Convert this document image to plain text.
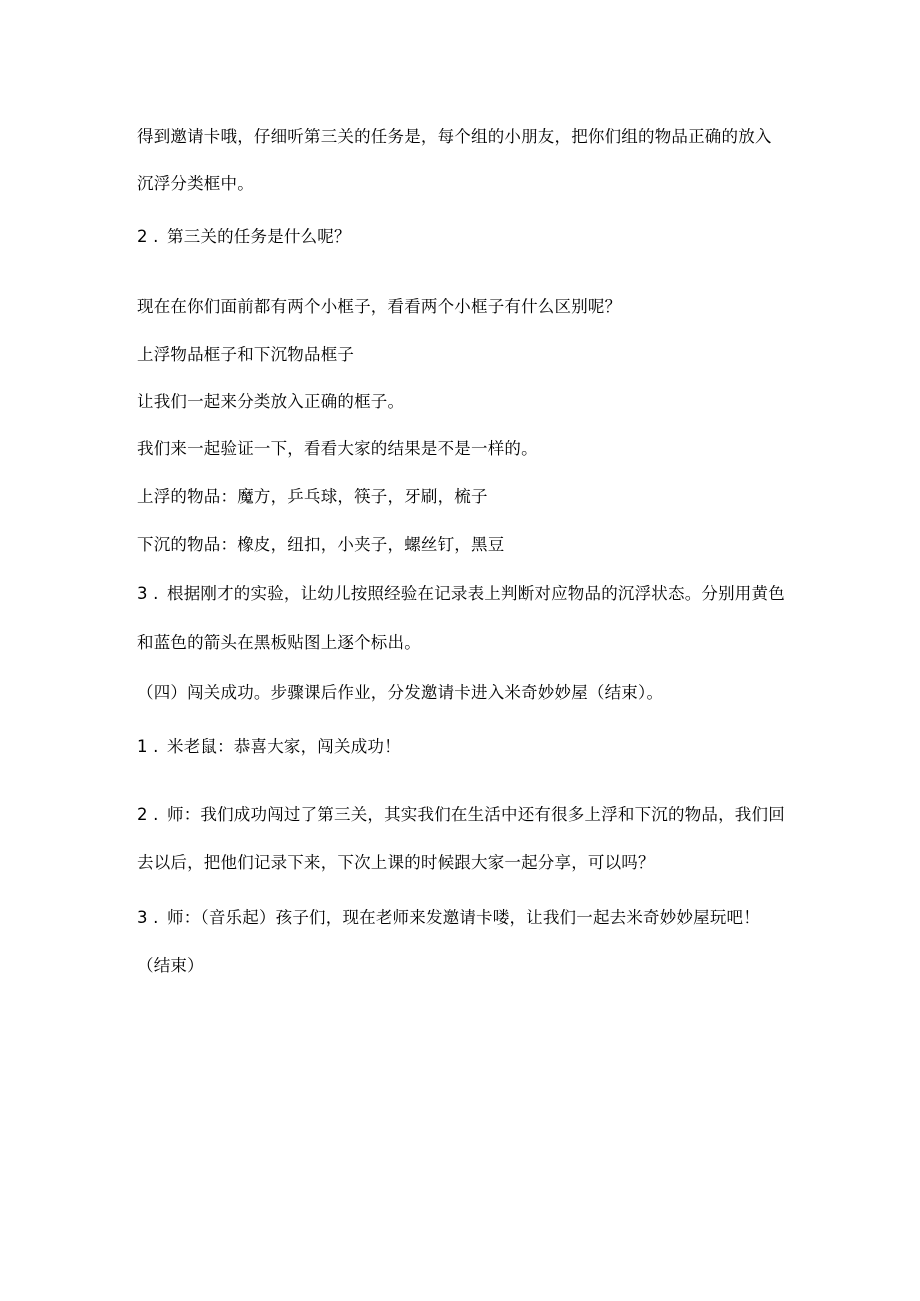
得到邀请卡哦，仔细听第三关的任务是，每个组的小朋友，把你们组的物品正确的放入
沉浮分类框中。
2 . 第三关的任务是什么呢？
现在在你们面前都有两个小框子，看看两个小框子有什么区别呢？
上浮物品框子和下沉物品框子
让我们一起来分类放入正确的框子。
我们来一起验证一下，看看大家的结果是不是一样的。
上浮的物品：魔方，乒乓球，筷子，牙刷，梳子
下沉的物品：橡皮，纽扣，小夹子，螺丝钉，黑豆
3 . 根据刚才的实验，让幼儿按照经验在记录表上判断对应物品的沉浮状态。分别用黄色
和蓝色的箭头在黑板贴图上逐个标出。
（四）闯关成功。步骤课后作业，分发邀请卡进入米奇妙妙屋（结束）。
1 . 米老鼠：恭喜大家，闯关成功！
2 . 师：我们成功闯过了第三关，其实我们在生活中还有很多上浮和下沉的物品，我们回
去以后，把他们记录下来，下次上课的时候跟大家一起分享，可以吗？
3 . 师：（音乐起）孩子们，现在老师来发邀请卡喽，让我们一起去米奇妙妙屋玩吧！
（结束）
